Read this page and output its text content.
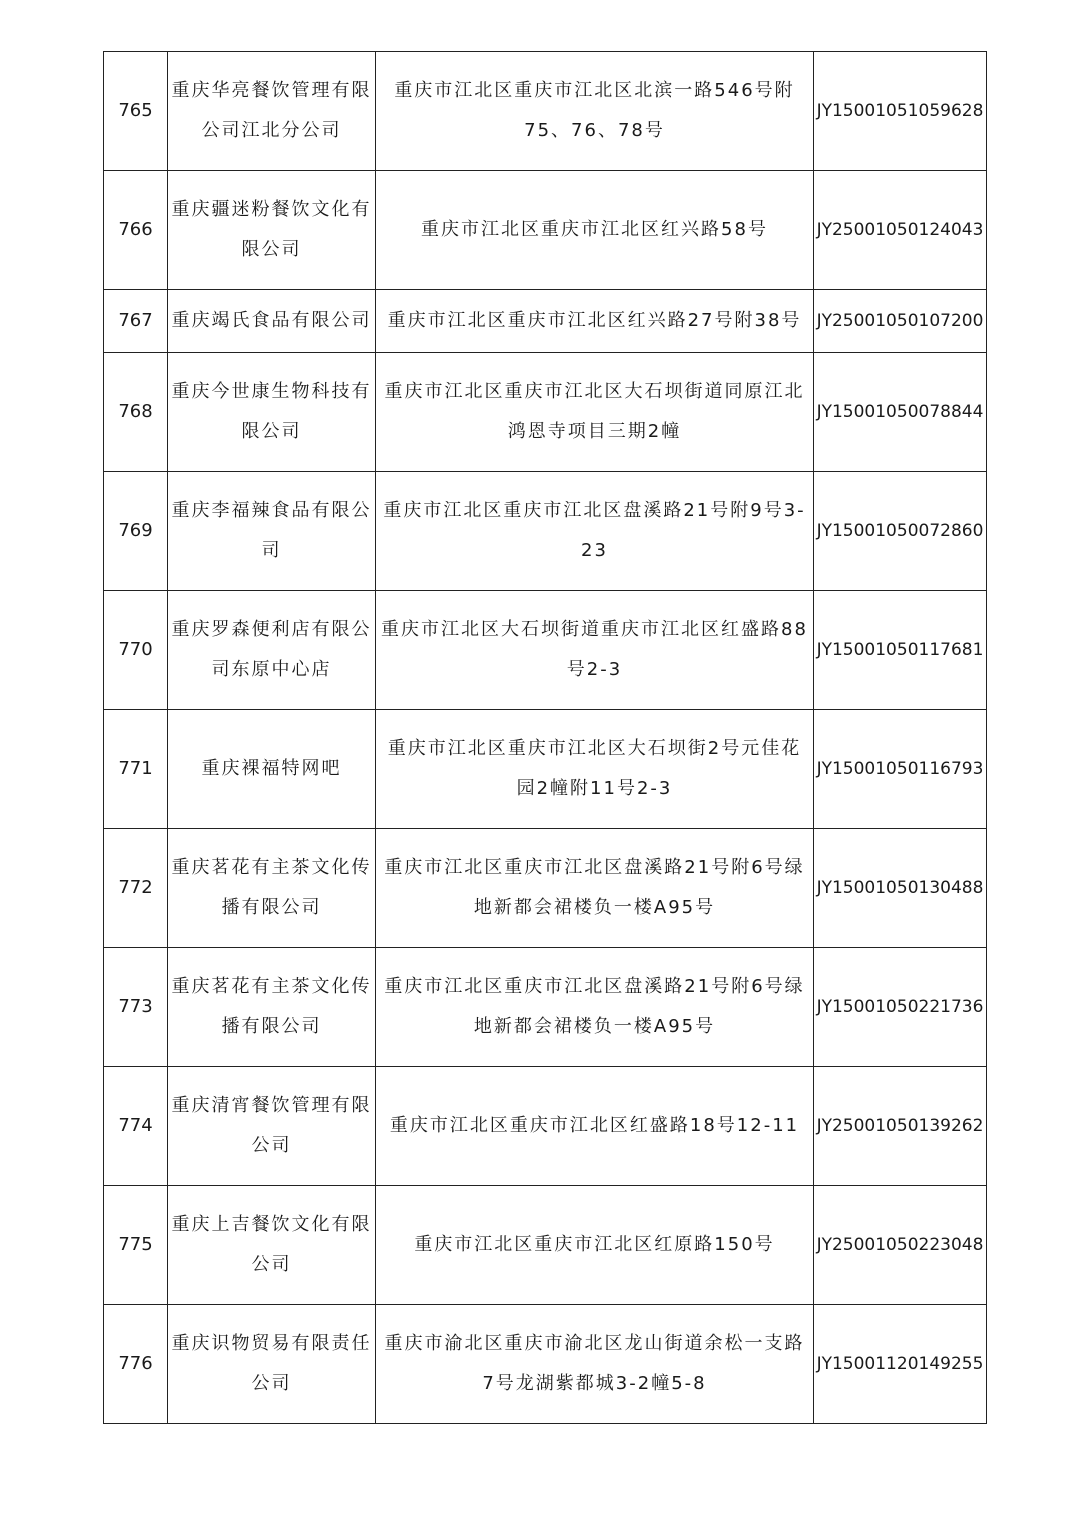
765	重庆华亮餐饮管理有限公司江北分公司	重庆市江北区重庆市江北区北滨一路546号附75、76、78号	JY15001051059628
766	重庆疆迷粉餐饮文化有限公司	重庆市江北区重庆市江北区红兴路58号	JY25001050124043
767	重庆竭氏食品有限公司	重庆市江北区重庆市江北区红兴路27号附38号	JY25001050107200
768	重庆今世康生物科技有限公司	重庆市江北区重庆市江北区大石坝街道同原江北鸿恩寺项目三期2幢	JY15001050078844
769	重庆李福辣食品有限公司	重庆市江北区重庆市江北区盘溪路21号附9号3-23	JY15001050072860
770	重庆罗森便利店有限公司东原中心店	重庆市江北区大石坝街道重庆市江北区红盛路88号2-3	JY15001050117681
771	重庆裸福特网吧	重庆市江北区重庆市江北区大石坝街2号元佳花园2幢附11号2-3	JY15001050116793
772	重庆茗花有主茶文化传播有限公司	重庆市江北区重庆市江北区盘溪路21号附6号绿地新都会裙楼负一楼A95号	JY15001050130488
773	重庆茗花有主茶文化传播有限公司	重庆市江北区重庆市江北区盘溪路21号附6号绿地新都会裙楼负一楼A95号	JY15001050221736
774	重庆清宵餐饮管理有限公司	重庆市江北区重庆市江北区红盛路18号12-11	JY25001050139262
775	重庆上吉餐饮文化有限公司	重庆市江北区重庆市江北区红原路150号	JY25001050223048
776	重庆识物贸易有限责任公司	重庆市渝北区重庆市渝北区龙山街道余松一支路7号龙湖紫都城3-2幢5-8	JY15001120149255
